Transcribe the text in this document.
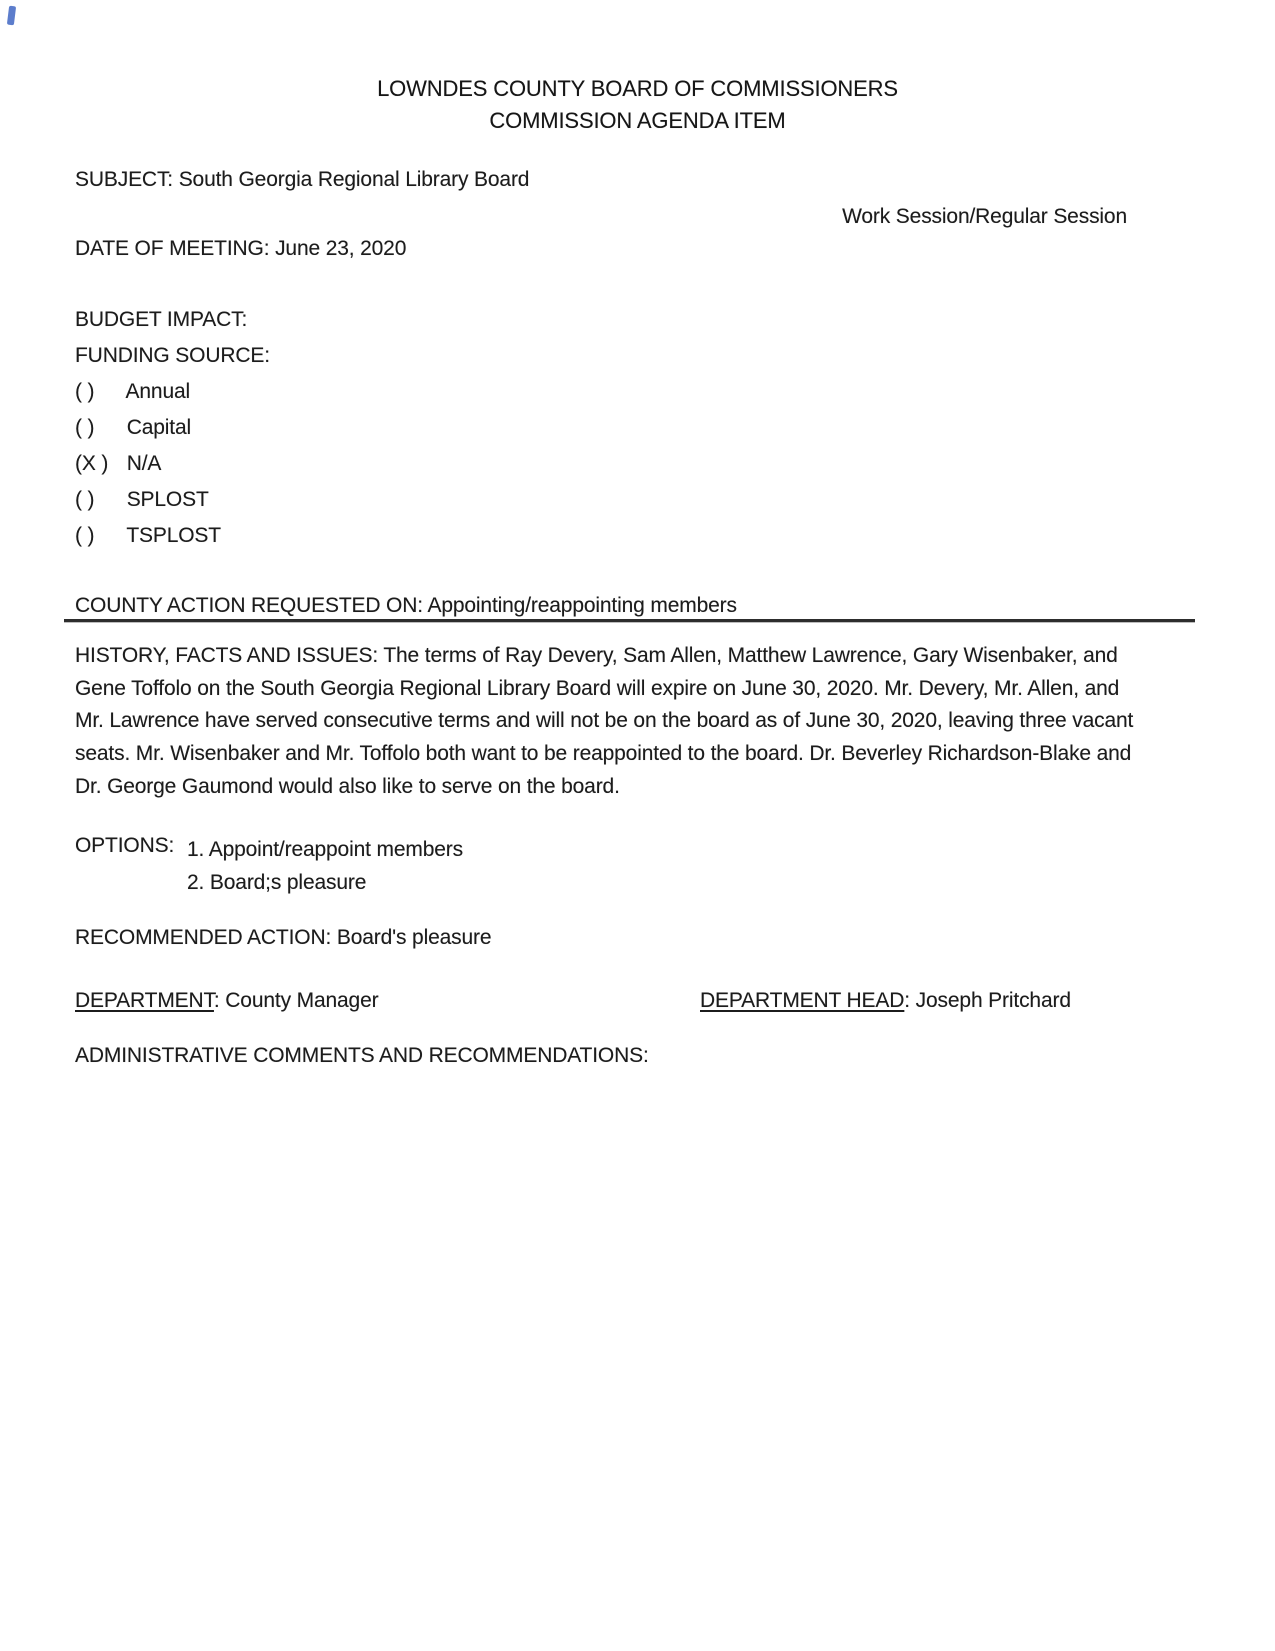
LOWNDES COUNTY BOARD OF COMMISSIONERS
COMMISSION AGENDA ITEM
SUBJECT: South Georgia Regional Library Board
Work Session/Regular Session
DATE OF MEETING: June 23, 2020
BUDGET IMPACT:
FUNDING SOURCE:
( ) Annual
( ) Capital
(X ) N/A
( ) SPLOST
( ) TSPLOST
COUNTY ACTION REQUESTED ON: Appointing/reappointing members
HISTORY, FACTS AND ISSUES: The terms of Ray Devery, Sam Allen, Matthew Lawrence, Gary Wisenbaker, and Gene Toffolo on the South Georgia Regional Library Board will expire on June 30, 2020. Mr. Devery, Mr. Allen, and Mr. Lawrence have served consecutive terms and will not be on the board as of June 30, 2020, leaving three vacant seats. Mr. Wisenbaker and Mr. Toffolo both want to be reappointed to the board. Dr. Beverley Richardson-Blake and Dr. George Gaumond would also like to serve on the board.
OPTIONS: 1. Appoint/reappoint members
2. Board;s pleasure
RECOMMENDED ACTION: Board's pleasure
DEPARTMENT: County Manager	DEPARTMENT HEAD: Joseph Pritchard
ADMINISTRATIVE COMMENTS AND RECOMMENDATIONS:
